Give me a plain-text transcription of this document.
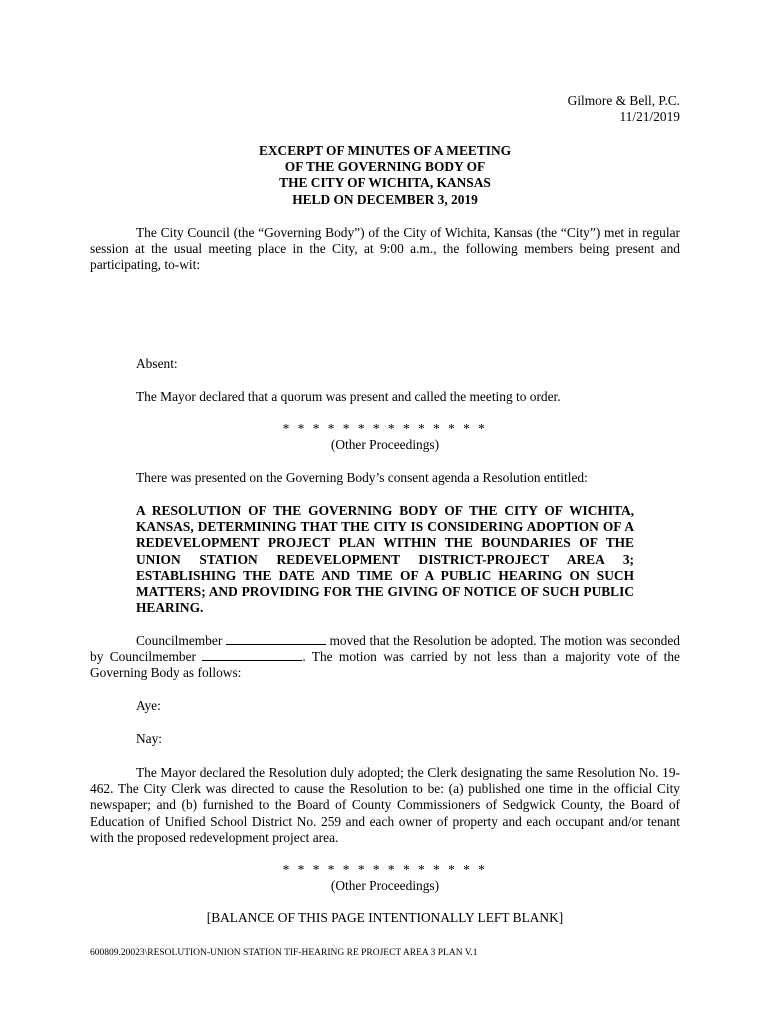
Gilmore & Bell, P.C.
11/21/2019
EXCERPT OF MINUTES OF A MEETING
OF THE GOVERNING BODY OF
THE CITY OF WICHITA, KANSAS
HELD ON DECEMBER 3, 2019
The City Council (the “Governing Body”) of the City of Wichita, Kansas (the “City”) met in regular session at the usual meeting place in the City, at 9:00 a.m., the following members being present and participating, to-wit:
Absent:
The Mayor declared that a quorum was present and called the meeting to order.
* * * * * * * * * * * * * *
(Other Proceedings)
There was presented on the Governing Body’s consent agenda a Resolution entitled:
A RESOLUTION OF THE GOVERNING BODY OF THE CITY OF WICHITA, KANSAS, DETERMINING THAT THE CITY IS CONSIDERING ADOPTION OF A REDEVELOPMENT PROJECT PLAN WITHIN THE BOUNDARIES OF THE UNION STATION REDEVELOPMENT DISTRICT-PROJECT AREA 3; ESTABLISHING THE DATE AND TIME OF A PUBLIC HEARING ON SUCH MATTERS; AND PROVIDING FOR THE GIVING OF NOTICE OF SUCH PUBLIC HEARING.
Councilmember	moved that the Resolution be adopted. The motion was seconded by Councilmember	. The motion was carried by not less than a majority vote of the Governing Body as follows:
Aye:
Nay:
The Mayor declared the Resolution duly adopted; the Clerk designating the same Resolution No. 19-462. The City Clerk was directed to cause the Resolution to be: (a) published one time in the official City newspaper; and (b) furnished to the Board of County Commissioners of Sedgwick County, the Board of Education of Unified School District No. 259 and each owner of property and each occupant and/or tenant with the proposed redevelopment project area.
* * * * * * * * * * * * * *
(Other Proceedings)
[BALANCE OF THIS PAGE INTENTIONALLY LEFT BLANK]
600809.20023\RESOLUTION-UNION STATION TIF-HEARING RE PROJECT AREA 3 PLAN V.1
